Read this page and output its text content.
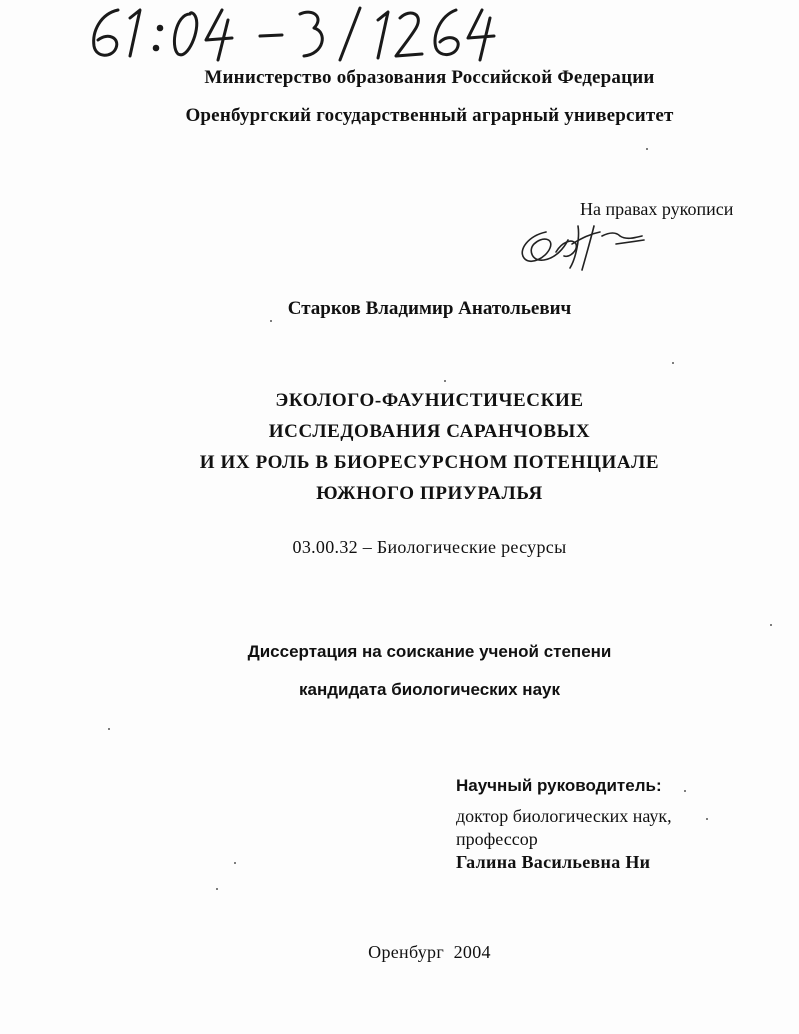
Министерство образования Российской Федерации
Оренбургский государственный аграрный университет
На правах рукописи
Старков Владимир Анатольевич
ЭКОЛОГО-ФАУНИСТИЧЕСКИЕ
ИССЛЕДОВАНИЯ САРАНЧОВЫХ
И ИХ РОЛЬ В БИОРЕСУРСНОМ ПОТЕНЦИАЛЕ
ЮЖНОГО ПРИУРАЛЬЯ
03.00.32 – Биологические ресурсы
Диссертация на соискание ученой степени
кандидата биологических наук
Научный руководитель:
доктор биологических наук,
профессор
Галина Васильевна Ни
Оренбург  2004
